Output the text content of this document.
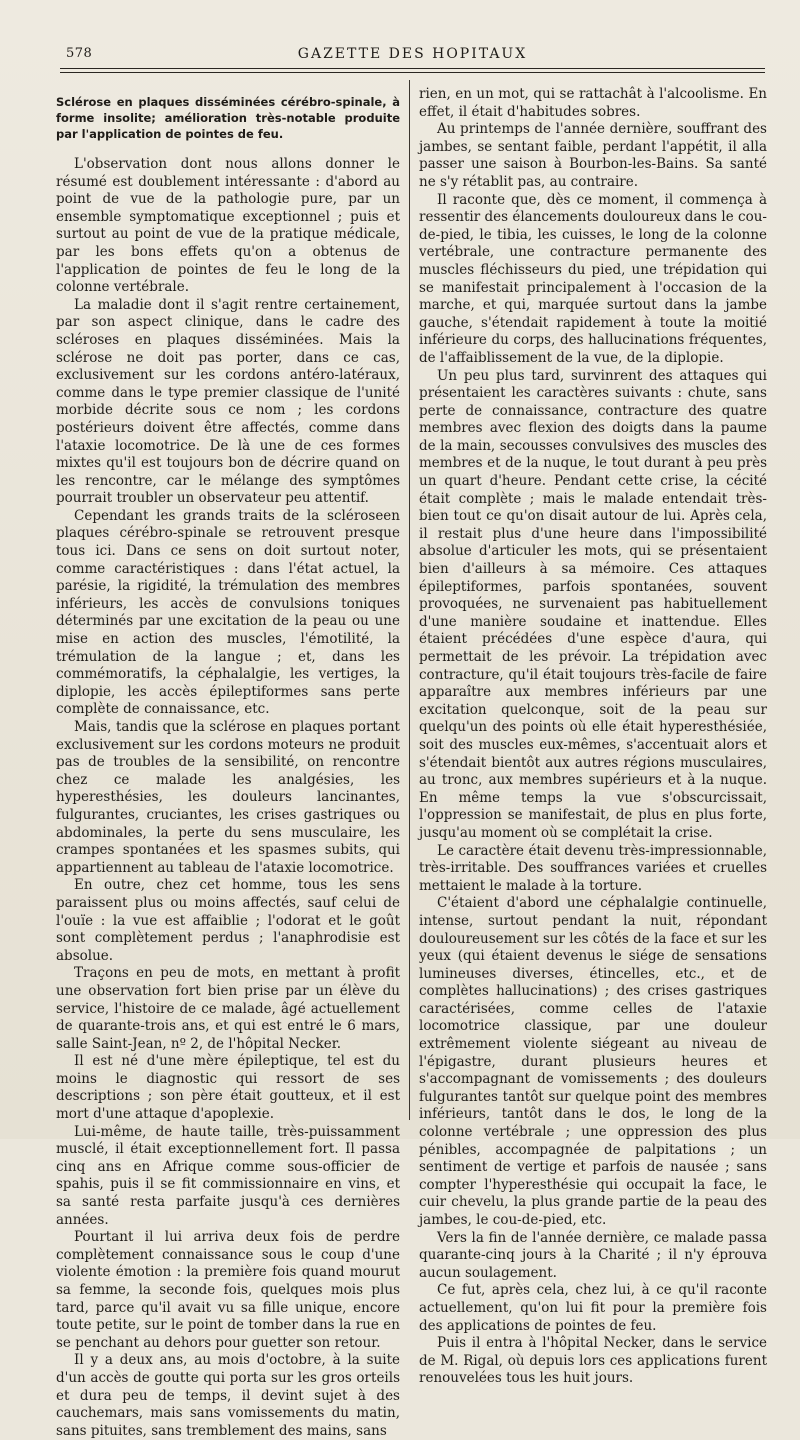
578	GAZETTE DES HOPITAUX
Sclérose en plaques disséminées cérébro-spinale, à forme insolite; amélioration très-notable produite par l'application de pointes de feu.

L'observation dont nous allons donner le résumé est doublement intéressante : d'abord au point de vue de la pathologie pure, par un ensemble symptomatique exceptionnel ; puis et surtout au point de vue de la pratique médicale, par les bons effets qu'on a obtenus de l'application de pointes de feu le long de la colonne vertébrale.

La maladie dont il s'agit rentre certainement, par son aspect clinique, dans le cadre des scléroses en plaques disséminées. Mais la sclérose ne doit pas porter, dans ce cas, exclusivement sur les cordons antéro-latéraux, comme dans le type premier classique de l'unité morbide décrite sous ce nom ; les cordons postérieurs doivent être affectés, comme dans l'ataxie locomotrice. De là une de ces formes mixtes qu'il est toujours bon de décrire quand on les rencontre, car le mélange des symptômes pourrait troubler un observateur peu attentif.

Cependant les grands traits de la scléroseen plaques cérébro-spinale se retrouvent presque tous ici. Dans ce sens on doit surtout noter, comme caractéristiques : dans l'état actuel, la parésie, la rigidité, la trémulation des membres inférieurs, les accès de convulsions toniques déterminés par une excitation de la peau ou une mise en action des muscles, l'émotilité, la trémulation de la langue ; et, dans les commémoratifs, la céphalalgie, les vertiges, la diplopie, les accès épileptiformes sans perte complète de connaissance, etc.

Mais, tandis que la sclérose en plaques portant exclusivement sur les cordons moteurs ne produit pas de troubles de la sensibilité, on rencontre chez ce malade les analgésies, les hyperesthésies, les douleurs lancinantes, fulgurantes, cruciantes, les crises gastriques ou abdominales, la perte du sens musculaire, les crampes spontanées et les spasmes subits, qui appartiennent au tableau de l'ataxie locomotrice.

En outre, chez cet homme, tous les sens paraissent plus ou moins affectés, sauf celui de l'ouïe : la vue est affaiblie ; l'odorat et le goût sont complètement perdus ; l'anaphrodisie est absolue.

Traçons en peu de mots, en mettant à profit une observation fort bien prise par un élève du service, l'histoire de ce malade, âgé actuellement de quarante-trois ans, et qui est entré le 6 mars, salle Saint-Jean, nº 2, de l'hôpital Necker.

Il est né d'une mère épileptique, tel est du moins le diagnostic qui ressort de ses descriptions ; son père était goutteux, et il est mort d'une attaque d'apoplexie.

Lui-même, de haute taille, très-puissamment musclé, il était exceptionnellement fort. Il passa cinq ans en Afrique comme sous-officier de spahis, puis il se fit commissionnaire en vins, et sa santé resta parfaite jusqu'à ces dernières années.

Pourtant il lui arriva deux fois de perdre complètement connaissance sous le coup d'une violente émotion : la première fois quand mourut sa femme, la seconde fois, quelques mois plus tard, parce qu'il avait vu sa fille unique, encore toute petite, sur le point de tomber dans la rue en se penchant au dehors pour guetter son retour.

Il y a deux ans, au mois d'octobre, à la suite d'un accès de goutte qui porta sur les gros orteils et dura peu de temps, il devint sujet à des cauchemars, mais sans vomissements du matin, sans pituites, sans tremblement des mains, sans

rien, en un mot, qui se rattachât à l'alcoolisme. En effet, il était d'habitudes sobres.

Au printemps de l'année dernière, souffrant des jambes, se sentant faible, perdant l'appétit, il alla passer une saison à Bourbon-les-Bains. Sa santé ne s'y rétablit pas, au contraire.

Il raconte que, dès ce moment, il commença à ressentir des élancements douloureux dans le cou-de-pied, le tibia, les cuisses, le long de la colonne vertébrale, une contracture permanente des muscles fléchisseurs du pied, une trépidation qui se manifestait principalement à l'occasion de la marche, et qui, marquée surtout dans la jambe gauche, s'étendait rapidement à toute la moitié inférieure du corps, des hallucinations fréquentes, de l'affaiblissement de la vue, de la diplopie.

Un peu plus tard, survinrent des attaques qui présentaient les caractères suivants : chute, sans perte de connaissance, contracture des quatre membres avec flexion des doigts dans la paume de la main, secousses convulsives des muscles des membres et de la nuque, le tout durant à peu près un quart d'heure. Pendant cette crise, la cécité était complète ; mais le malade entendait très-bien tout ce qu'on disait autour de lui. Après cela, il restait plus d'une heure dans l'impossibilité absolue d'articuler les mots, qui se présentaient bien d'ailleurs à sa mémoire. Ces attaques épileptiformes, parfois spontanées, souvent provoquées, ne survenaient pas habituellement d'une manière soudaine et inattendue. Elles étaient précédées d'une espèce d'aura, qui permettait de les prévoir. La trépidation avec contracture, qu'il était toujours très-facile de faire apparaître aux membres inférieurs par une excitation quelconque, soit de la peau sur quelqu'un des points où elle était hyperesthésiée, soit des muscles eux-mêmes, s'accentuait alors et s'étendait bientôt aux autres régions musculaires, au tronc, aux membres supérieurs et à la nuque. En même temps la vue s'obscurcissait, l'oppression se manifestait, de plus en plus forte, jusqu'au moment où se complétait la crise.

Le caractère était devenu très-impressionnable, très-irritable. Des souffrances variées et cruelles mettaient le malade à la torture.

C'étaient d'abord une céphalalgie continuelle, intense, surtout pendant la nuit, répondant douloureusement sur les côtés de la face et sur les yeux (qui étaient devenus le siége de sensations lumineuses diverses, étincelles, etc., et de complètes hallucinations) ; des crises gastriques caractérisées, comme celles de l'ataxie locomotrice classique, par une douleur extrêmement violente siégeant au niveau de l'épigastre, durant plusieurs heures et s'accompagnant de vomissements ; des douleurs fulgurantes tantôt sur quelque point des membres inférieurs, tantôt dans le dos, le long de la colonne vertébrale ; une oppression des plus pénibles, accompagnée de palpitations ; un sentiment de vertige et parfois de nausée ; sans compter l'hyperesthésie qui occupait la face, le cuir chevelu, la plus grande partie de la peau des jambes, le cou-de-pied, etc.

Vers la fin de l'année dernière, ce malade passa quarante-cinq jours à la Charité ; il n'y éprouva aucun soulagement.

Ce fut, après cela, chez lui, à ce qu'il raconte actuellement, qu'on lui fit pour la première fois des applications de pointes de feu.

Puis il entra à l'hôpital Necker, dans le service de M. Rigal, où depuis lors ces applications furent renouvelées tous les huit jours.
